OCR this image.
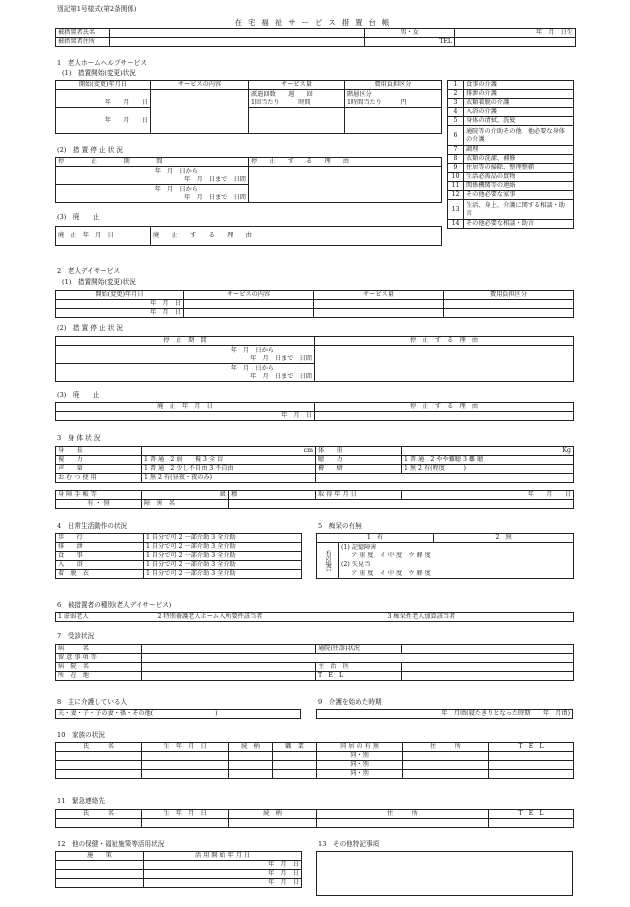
別記第1号様式(第2条関係)
在宅福祉サービス措置台帳
被措置者氏名		男・女	年　月　日生
被措置者住所		TEL	
1　老人ホームヘルプサービス
(1)　措置開始(変更)状況
開始(変更)年月日	サービスの内容	サービス量	費用負担区分
		派遣回数　　週　　回	階層区分
年　　月　　日		1回当たり　　　時間	1時間当たり　　　円
年　　月　　日			
(2)　措 置 停 止 状 況
停　　　止　　　期　　　間	停　止　す　る　理　由
年　月　日から	
年　月　日まで　日間	
年　月　日から	
年　月　日まで　日間	
(3)　廃　　止
廃　止　年　月　日	廃　　止　　す　　る　　理　　由
1	食事の介護
2	排泄の介護
3	衣類着脱の介護
4	入浴の介護
5	身体の清拭、洗髪
6	通院等の介助その他　他必要な身体の介護
7	調理
8	衣類の洗濯、補修
9	住居等の掃除、整理整頓
10	生活必需品の買物
11	関係機関等の連絡
12	その他必要な家事
13	生活、身上、介護に関する相談・助言
14	その他必要な相談・助言
2　老人デイサービス
(1)　措置開始(変更)状況
開始(変更)年月日	サービスの内容	サービス量	費用負担区分
年　月　日			
年　月　日			
(2)　措 置 停 止 状 況
停　止　期　間	停　止　す　る　理　由
年　月　日から	
年　月　日まで　日間	
年　月　日から	
年　月　日まで　日間	
(3)　廃　　止
廃　止　年　月　日	停　止　す　る　理　由
年　月　日	
3　身 体 状 況
身　　長	cm	体　　重	Kg
視　　力	1 普 通　2 弱　　視 3 全 盲	聴　　力	1 普 通　2 やや難聴 3 難 聴
声　　量	1 普 通　2 少し不自由 3 不自由	褥　　瘡	1 無 2 有(程度　　　)
お む つ 使 用	1 無 2 有(昼夜・夜のみ)		
身 障 手 帳 等	級	種	取 得 年 月 日	年　　月　　日
有 ・ 無	障　害　名			
4　日常生活動作の状況
歩　　行	1 自分で可 2 一部介助 3 全介助
排　　泄	1 自分で可 2 一部介助 3 全介助
食　　事	1 自分で可 2 一部介助 3 全介助
入　　浴	1 自分で可 2 一部介助 3 全介助
着　脱　衣	1 自分で可 2 一部介助 3 全介助
5　痴呆の有無
1　有		2　無
有の場合	(1) 記憶障害	
	ア 重 度　イ 中 度　ウ 軽 度	
	(2) 失見当	
	ア 重 度　イ 中 度　ウ 軽 度	
6　被措置者の種別(老人デイサービス)
1 虚弱老人	2 特別養護老人ホーム入所要件該当者	3 痴呆性老人加算該当者
7　受診状況
病　　　名		通院(往診)状況	
留 意 事 項 等			
病　院　名		主　治　医	
所　在　地		T　E　L	
8　主に介護している人
夫・妻・子・子の妻・孫・その他(　　　　　　　　　　)
9　介護を始めた時期
年　月頃(寝たきりとなった時期　　年　月頃)
10　家族の状況
氏　　　名	生　年　月　日	続　柄	職　業	同 居 の 有 無	住　　　所	T　E　L
				同・別		
				同・別		
				同・別		
11　緊急連絡先
氏　　　名	生　年　月　日	続　柄	住　　　所	T　E　L

12　他の保健・福祉施策等活用状況
施　　策	活 用 開 始 年 月 日
	年　月　日
	年　月　日
	年　月　日
13　その他特記事項
